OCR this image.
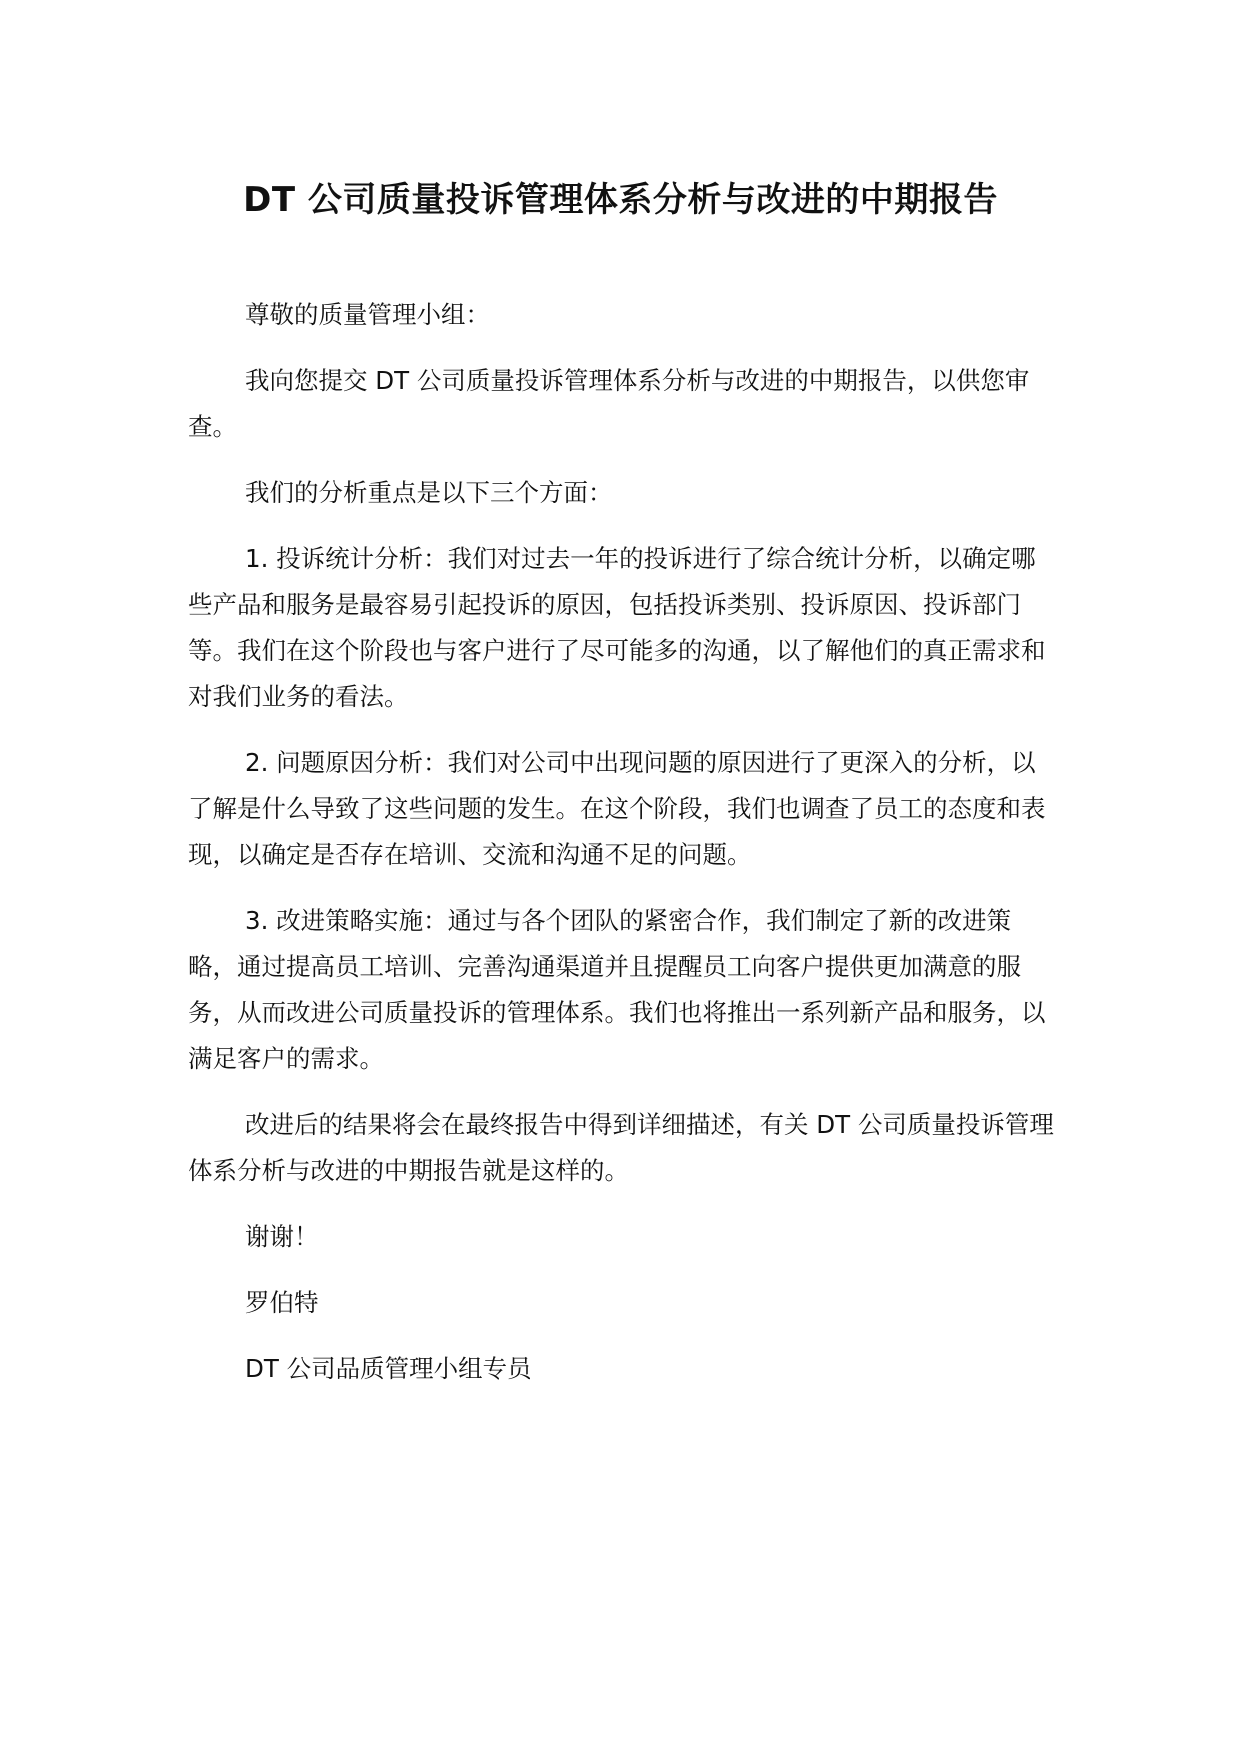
DT 公司质量投诉管理体系分析与改进的中期报告

尊敬的质量管理小组：

我向您提交 DT 公司质量投诉管理体系分析与改进的中期报告，以供您审查。

我们的分析重点是以下三个方面：

1. 投诉统计分析：我们对过去一年的投诉进行了综合统计分析，以确定哪些产品和服务是最容易引起投诉的原因，包括投诉类别、投诉原因、投诉部门等。我们在这个阶段也与客户进行了尽可能多的沟通，以了解他们的真正需求和对我们业务的看法。

2. 问题原因分析：我们对公司中出现问题的原因进行了更深入的分析，以了解是什么导致了这些问题的发生。在这个阶段，我们也调查了员工的态度和表现，以确定是否存在培训、交流和沟通不足的问题。

3. 改进策略实施：通过与各个团队的紧密合作，我们制定了新的改进策略，通过提高员工培训、完善沟通渠道并且提醒员工向客户提供更加满意的服务，从而改进公司质量投诉的管理体系。我们也将推出一系列新产品和服务，以满足客户的需求。

改进后的结果将会在最终报告中得到详细描述，有关 DT 公司质量投诉管理体系分析与改进的中期报告就是这样的。

谢谢！

罗伯特

DT 公司品质管理小组专员
